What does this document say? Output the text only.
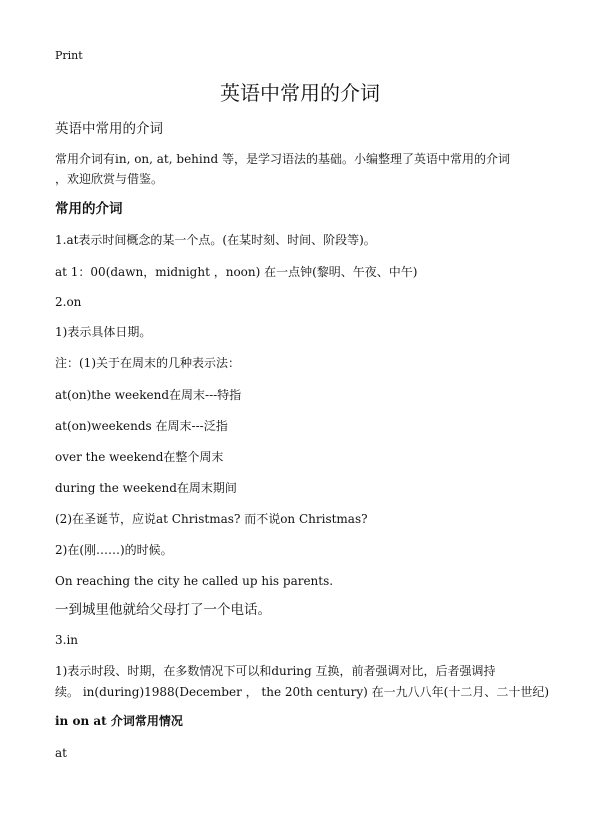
Print
英语中常用的介词
英语中常用的介词
常用介词有in, on, at, behind 等，是学习语法的基础。小编整理了英语中常用的介词
，欢迎欣赏与借鉴。
常用的介词
1.at表示时间概念的某一个点。(在某时刻、时间、阶段等)。
at 1：00(dawn，midnight ，noon) 在一点钟(黎明、午夜、中午)
2.on
1)表示具体日期。
注：(1)关于在周末的几种表示法：
at(on)the weekend在周末---特指
at(on)weekends 在周末---泛指
over the weekend在整个周末
during the weekend在周末期间
(2)在圣诞节，应说at Christmas? 而不说on Christmas?
2)在(刚……)的时候。
On reaching the city he called up his parents.
一到城里他就给父母打了一个电话。
3.in
1)表示时段、时期，在多数情况下可以和during 互换，前者强调对比，后者强调持
续。 in(during)1988(December ， the 20th century) 在一九八八年(十二月、二十世纪)
in on at 介词常用情况
at
